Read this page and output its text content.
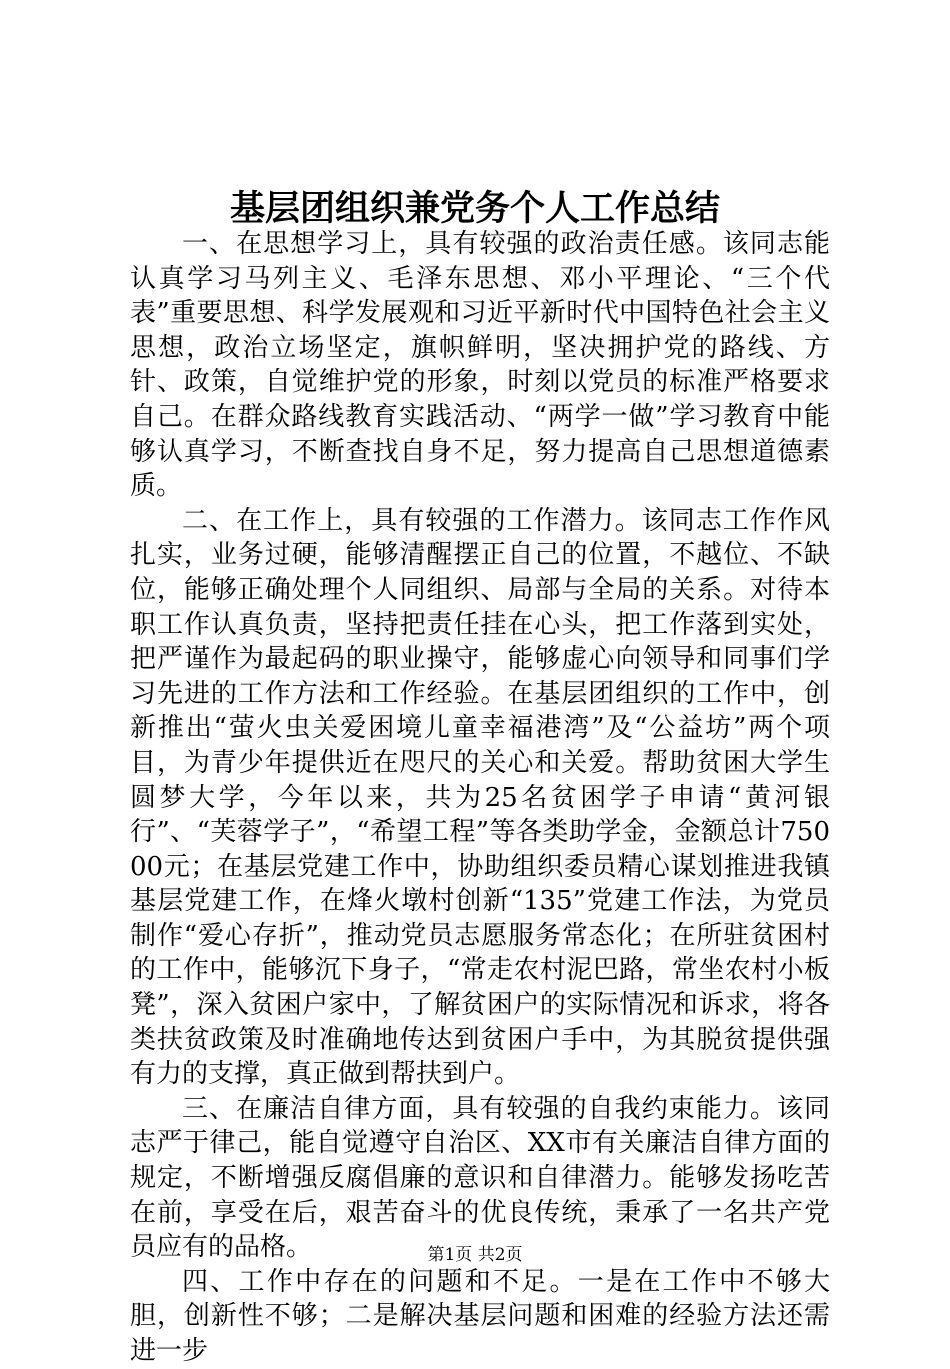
基层团组织兼党务个人工作总结

一、在思想学习上，具有较强的政治责任感。该同志能认真学习马列主义、毛泽东思想、邓小平理论、“三个代表”重要思想、科学发展观和习近平新时代中国特色社会主义思想，政治立场坚定，旗帜鲜明，坚决拥护党的路线、方针、政策，自觉维护党的形象，时刻以党员的标准严格要求自己。在群众路线教育实践活动、“两学一做”学习教育中能够认真学习，不断查找自身不足，努力提高自己思想道德素质。

二、在工作上，具有较强的工作潜力。该同志工作作风扎实，业务过硬，能够清醒摆正自己的位置，不越位、不缺位，能够正确处理个人同组织、局部与全局的关系。对待本职工作认真负责，坚持把责任挂在心头，把工作落到实处，把严谨作为最起码的职业操守，能够虚心向领导和同事们学习先进的工作方法和工作经验。在基层团组织的工作中，创新推出“萤火虫关爱困境儿童幸福港湾”及“公益坊”两个项目，为青少年提供近在咫尺的关心和关爱。帮助贫困大学生圆梦大学，今年以来，共为25名贫困学子申请“黄河银行”、“芙蓉学子”，“希望工程”等各类助学金，金额总计75000元；在基层党建工作中，协助组织委员精心谋划推进我镇基层党建工作，在烽火墩村创新“135”党建工作法，为党员制作“爱心存折”，推动党员志愿服务常态化；在所驻贫困村的工作中，能够沉下身子，“常走农村泥巴路，常坐农村小板凳”，深入贫困户家中，了解贫困户的实际情况和诉求，将各类扶贫政策及时准确地传达到贫困户手中，为其脱贫提供强有力的支撑，真正做到帮扶到户。

三、在廉洁自律方面，具有较强的自我约束能力。该同志严于律己，能自觉遵守自治区、XX市有关廉洁自律方面的规定，不断增强反腐倡廉的意识和自律潜力。能够发扬吃苦在前，享受在后，艰苦奋斗的优良传统，秉承了一名共产党员应有的品格。

四、工作中存在的问题和不足。一是在工作中不够大胆，创新性不够；二是解决基层问题和困难的经验方法还需进一步

第1页 共2页
